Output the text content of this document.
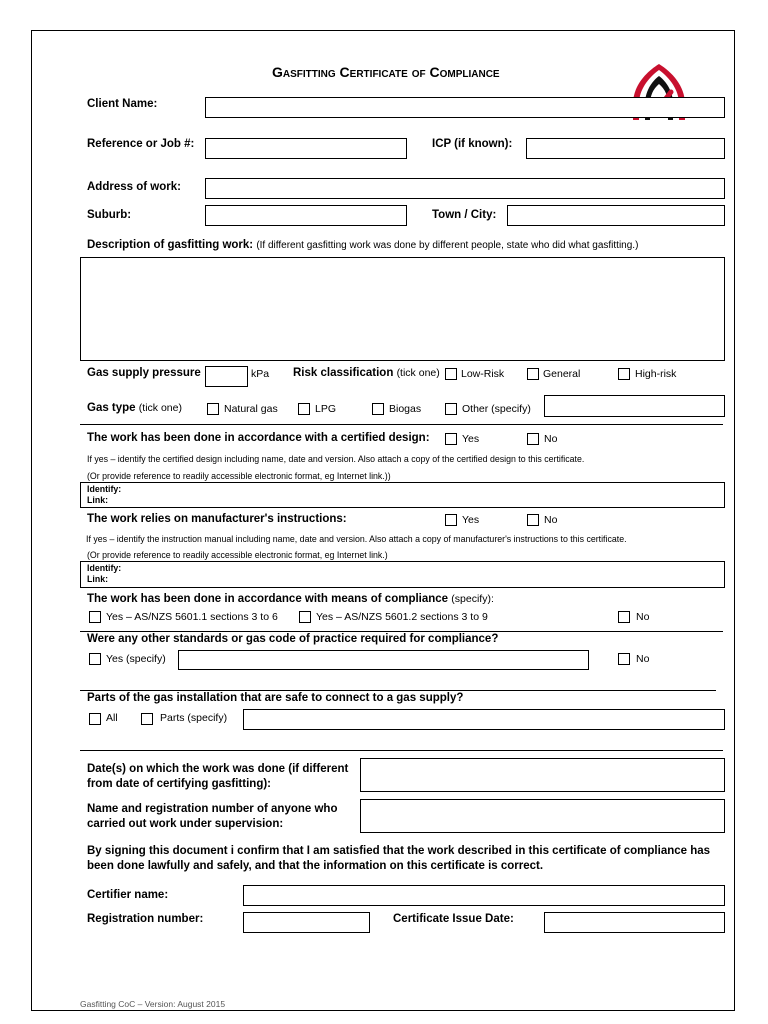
Gasfitting Certificate of Compliance
Client Name:
Reference or Job #:	ICP (if known):
Address of work:
Suburb:	Town / City:
Description of gasfitting work: (If different gasfitting work was done by different people, state who did what gasfitting.)
Gas supply pressure	kPa Risk classification (tick one) Low-Risk	General	High-risk
Gas type (tick one)	Natural gas	LPG	Biogas	Other (specify)
The work has been done in accordance with a certified design:	Yes	No
If yes – identify the certified design including name, date and version. Also attach a copy of the certified design to this certificate.
(Or provide reference to readily accessible electronic format, eg Internet link.))
Identify:
Link:
The work relies on manufacturer's instructions:	Yes	No
If yes – identify the instruction manual including name, date and version. Also attach a copy of manufacturer's instructions to this certificate.
(Or provide reference to readily accessible electronic format, eg Internet link.)
Identify:
Link:
The work has been done in accordance with means of compliance (specify):
Yes – AS/NZS 5601.1 sections 3 to 6	Yes – AS/NZS 5601.2 sections 3 to 9	No
Were any other standards or gas code of practice required for compliance?
Yes (specify)	No
Parts of the gas installation that are safe to connect to a gas supply?
All	Parts (specify)
Date(s) on which the work was done (if different
from date of certifying gasfitting):
Name and registration number of anyone who
carried out work under supervision:
By signing this document i confirm that I am satisfied that the work described in this certificate of compliance has
been done lawfully and safely, and that the information on this certificate is correct.
Certifier name:
Registration number:	Certificate Issue Date:
Gasfitting CoC – Version: August 2015
